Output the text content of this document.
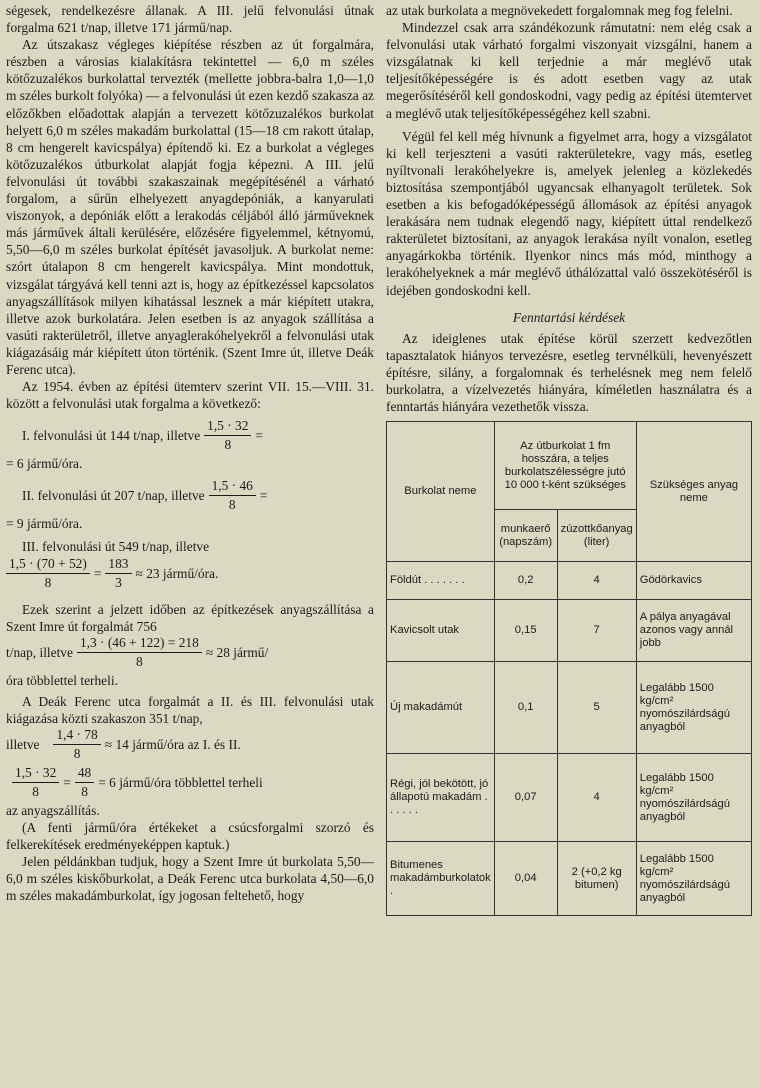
ségesek, rendelkezésre állanak. A III. jelű felvonulási útnak forgalma 621 t/nap, illetve 171 jármű/nap.

Az útszakasz végleges kiépítése részben az út forgalmára, részben a városias kialakításra tekintettel — 6,0 m széles kötőzuzalékos burkolattal tervezték (mellette jobbra-balra 1,0—1,0 m széles burkolt folyóka) — a felvonulási út ezen kezdő szakasza az előzőkben előadottak alapján a tervezett kötőzuzalékos burkolat helyett 6,0 m széles makadám burkolattal (15—18 cm rakott útalap, 8 cm hengerelt kavicspálya) építendő ki. Ez a burkolat a végleges kötőzuzalékos útburkolat alapját fogja képezni. A III. jelű felvonulási út további szakaszainak megépítésénél a várható forgalom, a sűrűn elhelyezett anyagdepóniák, a kanyarulati viszonyok, a depóniák előtt a lerakodás céljából álló járműveknek más járművek általi kerülésére, előzésére figyelemmel, kétnyomú, 5,50—6,0 m széles burkolat építését javasoljuk. A burkolat neme: szórt útalapon 8 cm hengerelt kavicspálya. Mint mondottuk, vizsgálat tárgyává kell tenni azt is, hogy az építkezéssel kapcsolatos anyagszállítások milyen kihatással lesznek a már kiépített utakra, illetve azok burkolatára. Jelen esetben is az anyagok szállítása a vasúti rakterületről, illetve anyaglerakóhelyekről a felvonulási utak kiágazásáig már kiépített úton történik. (Szent Imre út, illetve Deák Ferenc utca).

Az 1954. évben az építési ütemterv szerint VII. 15.—VIII. 31. között a felvonulási utak forgalma a következő:

I. felvonulási út 144 t/nap, illetve $\frac{1,5 \cdot 32}{8}$ =

= 6 jármű/óra.

II. felvonulási út 207 t/nap, illetve $\frac{1,5 \cdot 46}{8}$ =

= 9 jármű/óra.

III. felvonulási út 549 t/nap, illetve

$\frac{1,5 \cdot (70 + 52)}{8} = \frac{183}{3} \approx 23$ jármű/óra.

Ezek szerint a jelzett időben az építkezések anyagszállítása a Szent Imre út forgalmát 756

t/nap, illetve $\frac{1,3 \cdot (46 + 122) = 218}{8} \approx 28$ jármű/

óra többlettel terheli.

A Deák Ferenc utca forgalmát a II. és III. felvonulási utak kiágazása közti szakaszon 351 t/nap,

illetve $\frac{1,4 \cdot 78}{8} \approx 14$ jármű/óra az I. és II.
$\frac{1,5 \cdot 32}{8} = \frac{48}{8} = 6$ jármű/óra többlettel terheli

az anyagszállítás.

(A fenti jármű/óra értékeket a csúcsforgalmi szorzó és felkerekítések eredményeképpen kaptuk.)

Jelen példánkban tudjuk, hogy a Szent Imre út burkolata 5,50—6,0 m széles kiskőburkolat, a Deák Ferenc utca burkolata 4,50—6,0 m széles makadámburkolat, így jogosan feltehető, hogy

az utak burkolata a megnövekedett forgalomnak meg fog felelni.

Mindezzel csak arra szándékozunk rámutatni: nem elég csak a felvonulási utak várható forgalmi viszonyait vizsgálni, hanem a vizsgálatnak ki kell terjednie a már meglévő utak teljesítőképességére is és adott esetben vagy az utak megerősítéséről kell gondoskodni, vagy pedig az építési ütemtervet a meglévő utak teljesítőképességéhez kell szabni.

Végül fel kell még hívnunk a figyelmet arra, hogy a vizsgálatot ki kell terjeszteni a vasúti rakterületekre, vagy más, esetleg nyíltvonali lerakóhelyekre is, amelyek jelenleg a közlekedés biztosítása szempontjából ugyancsak elhanyagolt területek. Sok esetben a kis befogadóképességű állomások az építési anyagok lerakására nem tudnak elegendő nagy, kiépített úttal rendelkező rakterületet biztosítani, az anyagok lerakása nyílt vonalon, esetleg anyagárkokba történik. Ilyenkor nincs más mód, minthogy a lerakóhelyeknek a már meglévő úthálózattal való összekötéséről is idejében gondoskodni kell.

Fenntartási kérdések

Az ideiglenes utak építése körül szerzett kedvezőtlen tapasztalatok hiányos tervezésre, esetleg tervnélküli, hevenyészett építésre, silány, a forgalomnak és terhelésnek meg nem felelő burkolatra, a vízelvezetés hiányára, kíméletlen használatra és a fenntartás hiányára vezethetők vissza.

Burkolat neme	Az útburkolat 1 fm hosszára, a teljes burkolatszélességre jutó 10 000 t-ként szükséges		Szükséges anyag neme
	munkaerő (napszám)	zúzottkőanyag (liter)	
Földút . . . . . . .	0,2	4	Gödörkavics
Kavicsolt utak	0,15	7	A pálya anyagával azonos vagy annál jobb
Új makadámút	0,1	5	Legalább 1500 kg/cm² nyomószilárdságú anyagból
Régi, jól bekötött, jó állapotú makadám . . . . . .	0,07	4	Legalább 1500 kg/cm² nyomószilárdságú anyagból
Bitumenes makadámburkolatok .	0,04	2 (+0,2 kg bitumen)	Legalább 1500 kg/cm² nyomószilárdságú anyagból
